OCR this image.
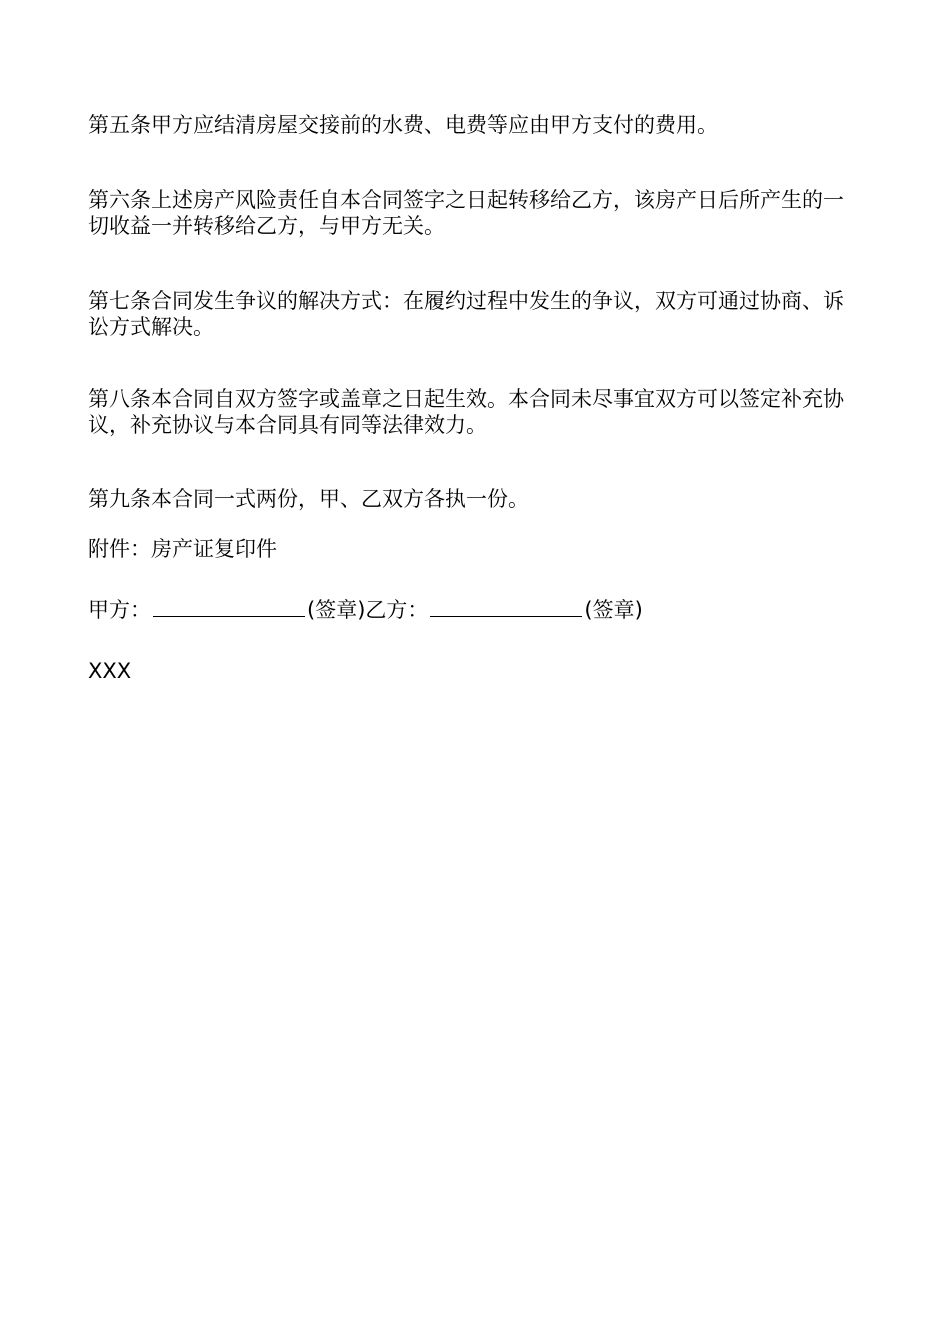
第五条甲方应结清房屋交接前的水费、电费等应由甲方支付的费用。

第六条上述房产风险责任自本合同签字之日起转移给乙方，该房产日后所产生的一切收益一并转移给乙方，与甲方无关。

第七条合同发生争议的解决方式：在履约过程中发生的争议，双方可通过协商、诉讼方式解决。

第八条本合同自双方签字或盖章之日起生效。本合同未尽事宜双方可以签定补充协议，补充协议与本合同具有同等法律效力。

第九条本合同一式两份，甲、乙双方各执一份。

附件：房产证复印件

甲方：	(签章)乙方：	(签章)
XXX
